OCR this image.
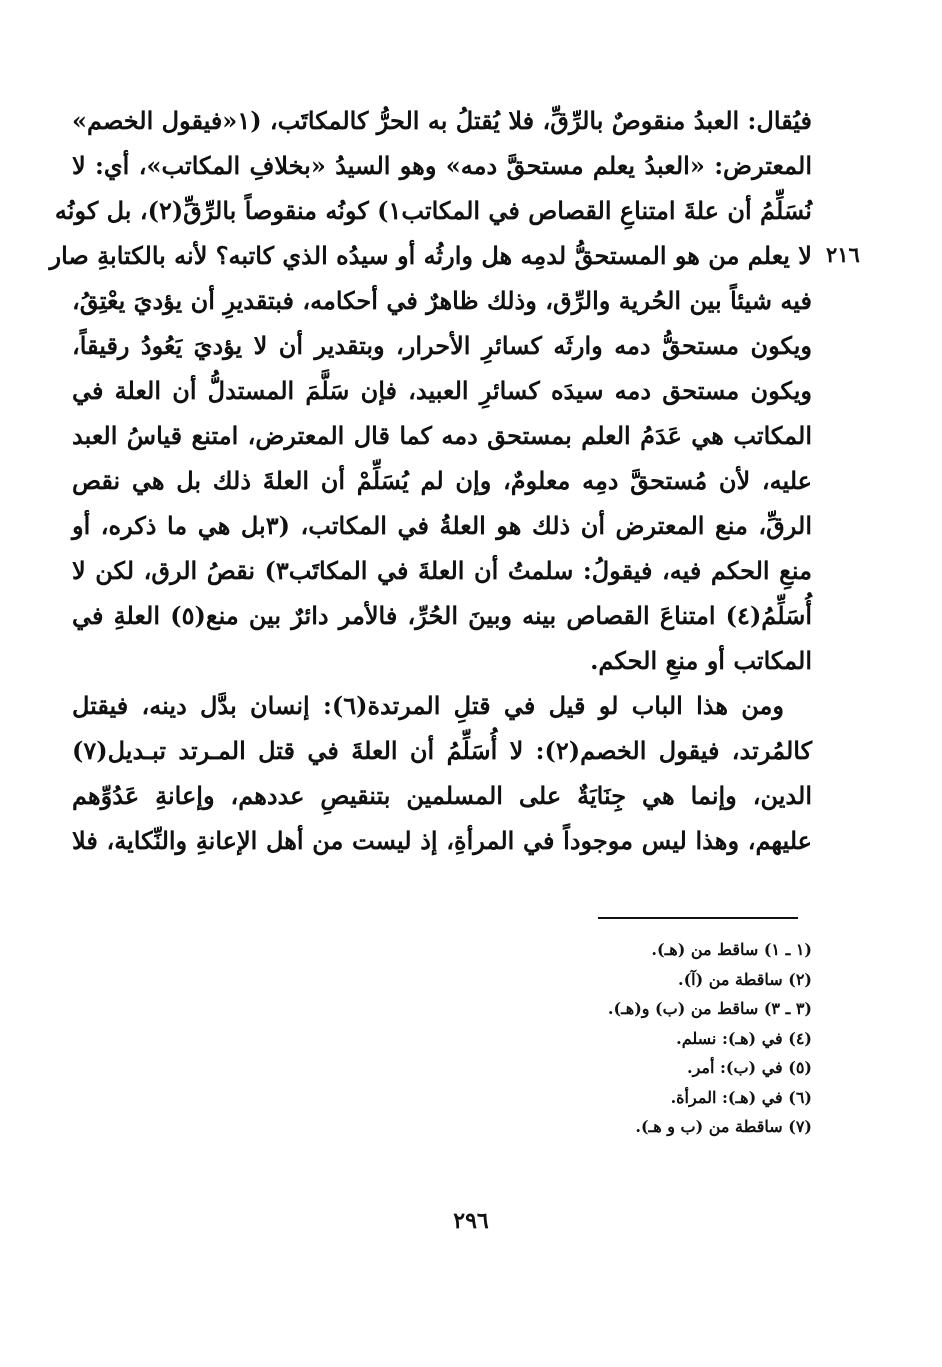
٢١٦
فيُقال: العبدُ منقوصٌ بالرِّقِّ، فلا يُقتلُ به الحرُّ كالمكاتَب، (١«فيقول الخصم»
المعترض: «العبدُ يعلم مستحقَّ دمه» وهو السيدُ «بخلافِ المكاتب»، أي: لا
نُسَلِّمُ أن علةَ امتناعِ القصاص في المكاتب١) كونُه منقوصاً بالرِّقِّ(٢)، بل كونُه
لا يعلم من هو المستحقُّ لدمِه هل وارثُه أو سيدُه الذي كاتبه؟ لأنه بالكتابةِ صار
فيه شيئاً بين الحُرية والرِّق، وذلك ظاهرٌ في أحكامه، فبتقديرِ أن يؤديَ يعْتِقُ،
ويكون مستحقُّ دمه وارثَه كسائرِ الأحرار، وبتقدير أن لا يؤديَ يَعُودُ رقيقاً،
ويكون مستحق دمه سيدَه كسائرِ العبيد، فإن سَلَّمَ المستدلُّ أن العلة في
المكاتب هي عَدَمُ العلم بمستحق دمه كما قال المعترض، امتنع قياسُ العبد
عليه، لأن مُستحقَّ دمِه معلومٌ، وإن لم يُسَلِّمْ أن العلةَ ذلك بل هي نقص
الرقِّ، منع المعترض أن ذلك هو العلةُ في المكاتب، (٣بل هي ما ذكره، أو
منعِ الحكم فيه، فيقولُ: سلمتُ أن العلةَ في المكاتَب٣) نقصُ الرق، لكن لا
أُسَلِّمُ(٤) امتناعَ القصاص بينه وبينَ الحُرِّ، فالأمر دائرٌ بين منع(٥) العلةِ في
المكاتب أو منعِ الحكم.
ومن هذا الباب لو قيل في قتلِ المرتدة(٦): إنسان بدَّل دينه، فيقتل
كالمُرتد، فيقول الخصم(٢): لا أُسَلِّمُ أن العلةَ في قتل المـرتد تبـديل(٧)
الدين، وإنما هي جِنَايَةٌ على المسلمين بتنقيصِ عددهم، وإعانةِ عَدُوِّهم
عليهم، وهذا ليس موجوداً في المرأةِ، إذ ليست من أهل الإعانةِ والنِّكاية، فلا
(١ ـ ١) ساقط من (هـ).
(٢) ساقطة من (آ).
(٣ ـ ٣) ساقط من (ب) و(هـ).
(٤) في (هـ): نسلم.
(٥) في (ب): أمر.
(٦) في (هـ): المرأة.
(٧) ساقطة من (ب و هـ).
٢٩٦
